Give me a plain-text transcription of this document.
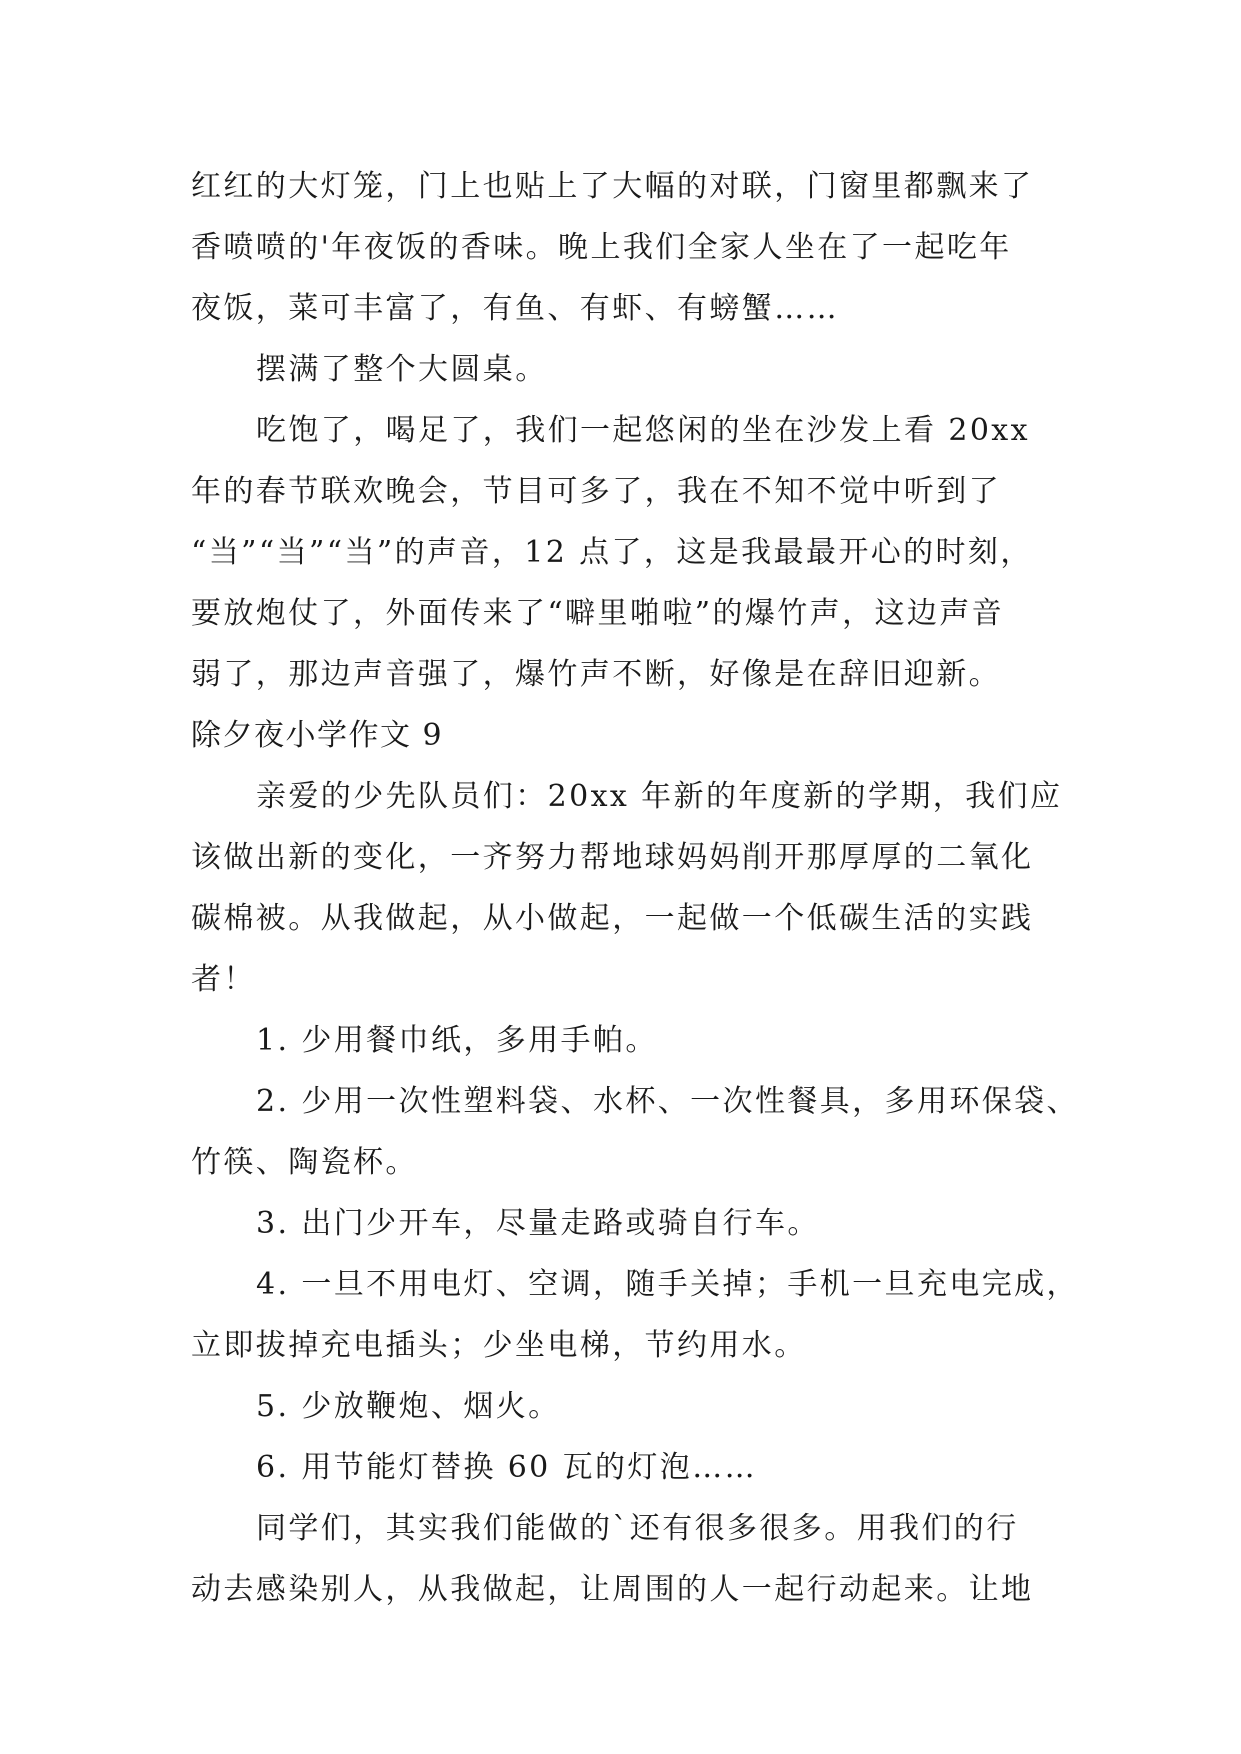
红红的大灯笼，门上也贴上了大幅的对联，门窗里都飘来了
香喷喷的'年夜饭的香味。晚上我们全家人坐在了一起吃年
夜饭，菜可丰富了，有鱼、有虾、有螃蟹……
摆满了整个大圆桌。
吃饱了，喝足了，我们一起悠闲的坐在沙发上看 20xx
年的春节联欢晚会，节目可多了，我在不知不觉中听到了
“当”“当”“当”的声音，12 点了，这是我最最开心的时刻，
要放炮仗了，外面传来了“噼里啪啦”的爆竹声，这边声音
弱了，那边声音强了，爆竹声不断，好像是在辞旧迎新。
除夕夜小学作文 9
亲爱的少先队员们：20xx 年新的年度新的学期，我们应
该做出新的变化，一齐努力帮地球妈妈削开那厚厚的二氧化
碳棉被。从我做起，从小做起，一起做一个低碳生活的实践
者！
1. 少用餐巾纸，多用手帕。
2. 少用一次性塑料袋、水杯、一次性餐具，多用环保袋、
竹筷、陶瓷杯。
3. 出门少开车，尽量走路或骑自行车。
4. 一旦不用电灯、空调，随手关掉；手机一旦充电完成，
立即拔掉充电插头；少坐电梯，节约用水。
5. 少放鞭炮、烟火。
6. 用节能灯替换 60 瓦的灯泡……
同学们，其实我们能做的`还有很多很多。用我们的行
动去感染别人，从我做起，让周围的人一起行动起来。让地
